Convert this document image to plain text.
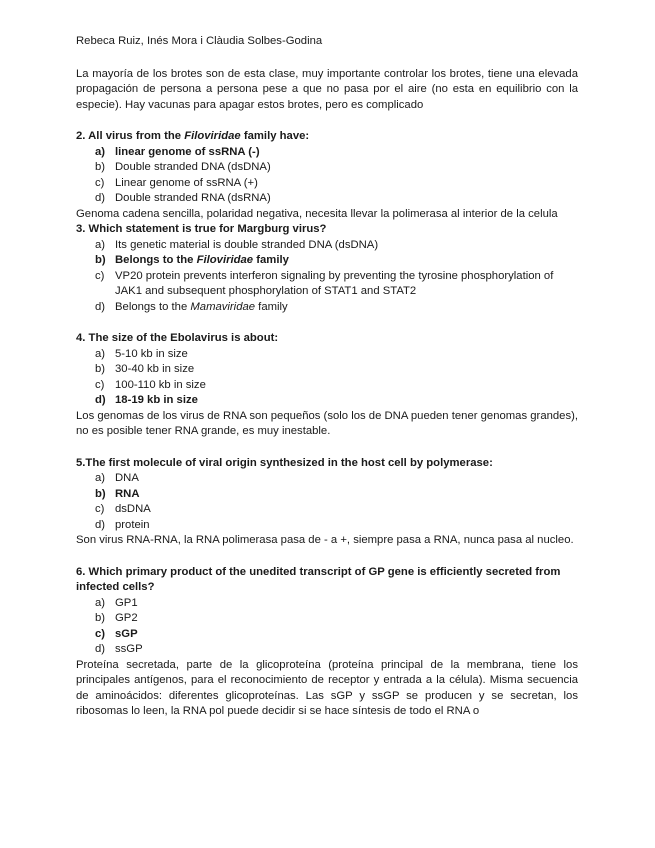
Rebeca Ruiz, Inés Mora i Clàudia Solbes-Godina

La mayoría de los brotes son de esta clase, muy importante controlar los brotes, tiene una elevada propagación de persona a persona pese a que no pasa por el aire (no esta en equilibrio con la especie). Hay vacunas para apagar estos brotes, pero es complicado

2. All virus from the Filoviridae family have:
a) linear genome of ssRNA (-)
b) Double stranded DNA (dsDNA)
c) Linear genome of ssRNA (+)
d) Double stranded RNA (dsRNA)

Genoma cadena sencilla, polaridad negativa, necesita llevar la polimerasa al interior de la celula

3. Which statement is true for Margburg virus?
a) Its genetic material is double stranded DNA (dsDNA)
b) Belongs to the Filoviridae family
c) VP20 protein prevents interferon signaling by preventing the tyrosine phosphorylation of JAK1 and subsequent phosphorylation of STAT1 and STAT2
d) Belongs to the Mamaviridae family
4. The size of the Ebolavirus is about:
a) 5-10 kb in size
b) 30-40 kb in size
c) 100-110 kb in size
d) 18-19 kb in size

Los genomas de los virus de RNA son pequeños (solo los de DNA pueden tener genomas grandes), no es posible tener RNA grande, es muy inestable.

5.The first molecule of viral origin synthesized in the host cell by polymerase:
a) DNA
b) RNA
c) dsDNA
d) protein

Son virus RNA-RNA, la RNA polimerasa pasa de - a +, siempre pasa a RNA, nunca pasa al nucleo.

6. Which primary product of the unedited transcript of GP gene is efficiently secreted from infected cells?
a) GP1
b) GP2
c) sGP
d) ssGP

Proteína secretada, parte de la glicoproteína (proteína principal de la membrana, tiene los principales antígenos, para el reconocimiento de receptor y entrada a la célula). Misma secuencia de aminoácidos: diferentes glicoproteínas. Las sGP y ssGP se producen y se secretan, los ribosomas lo leen, la RNA pol puede decidir si se hace síntesis de todo el RNA o
